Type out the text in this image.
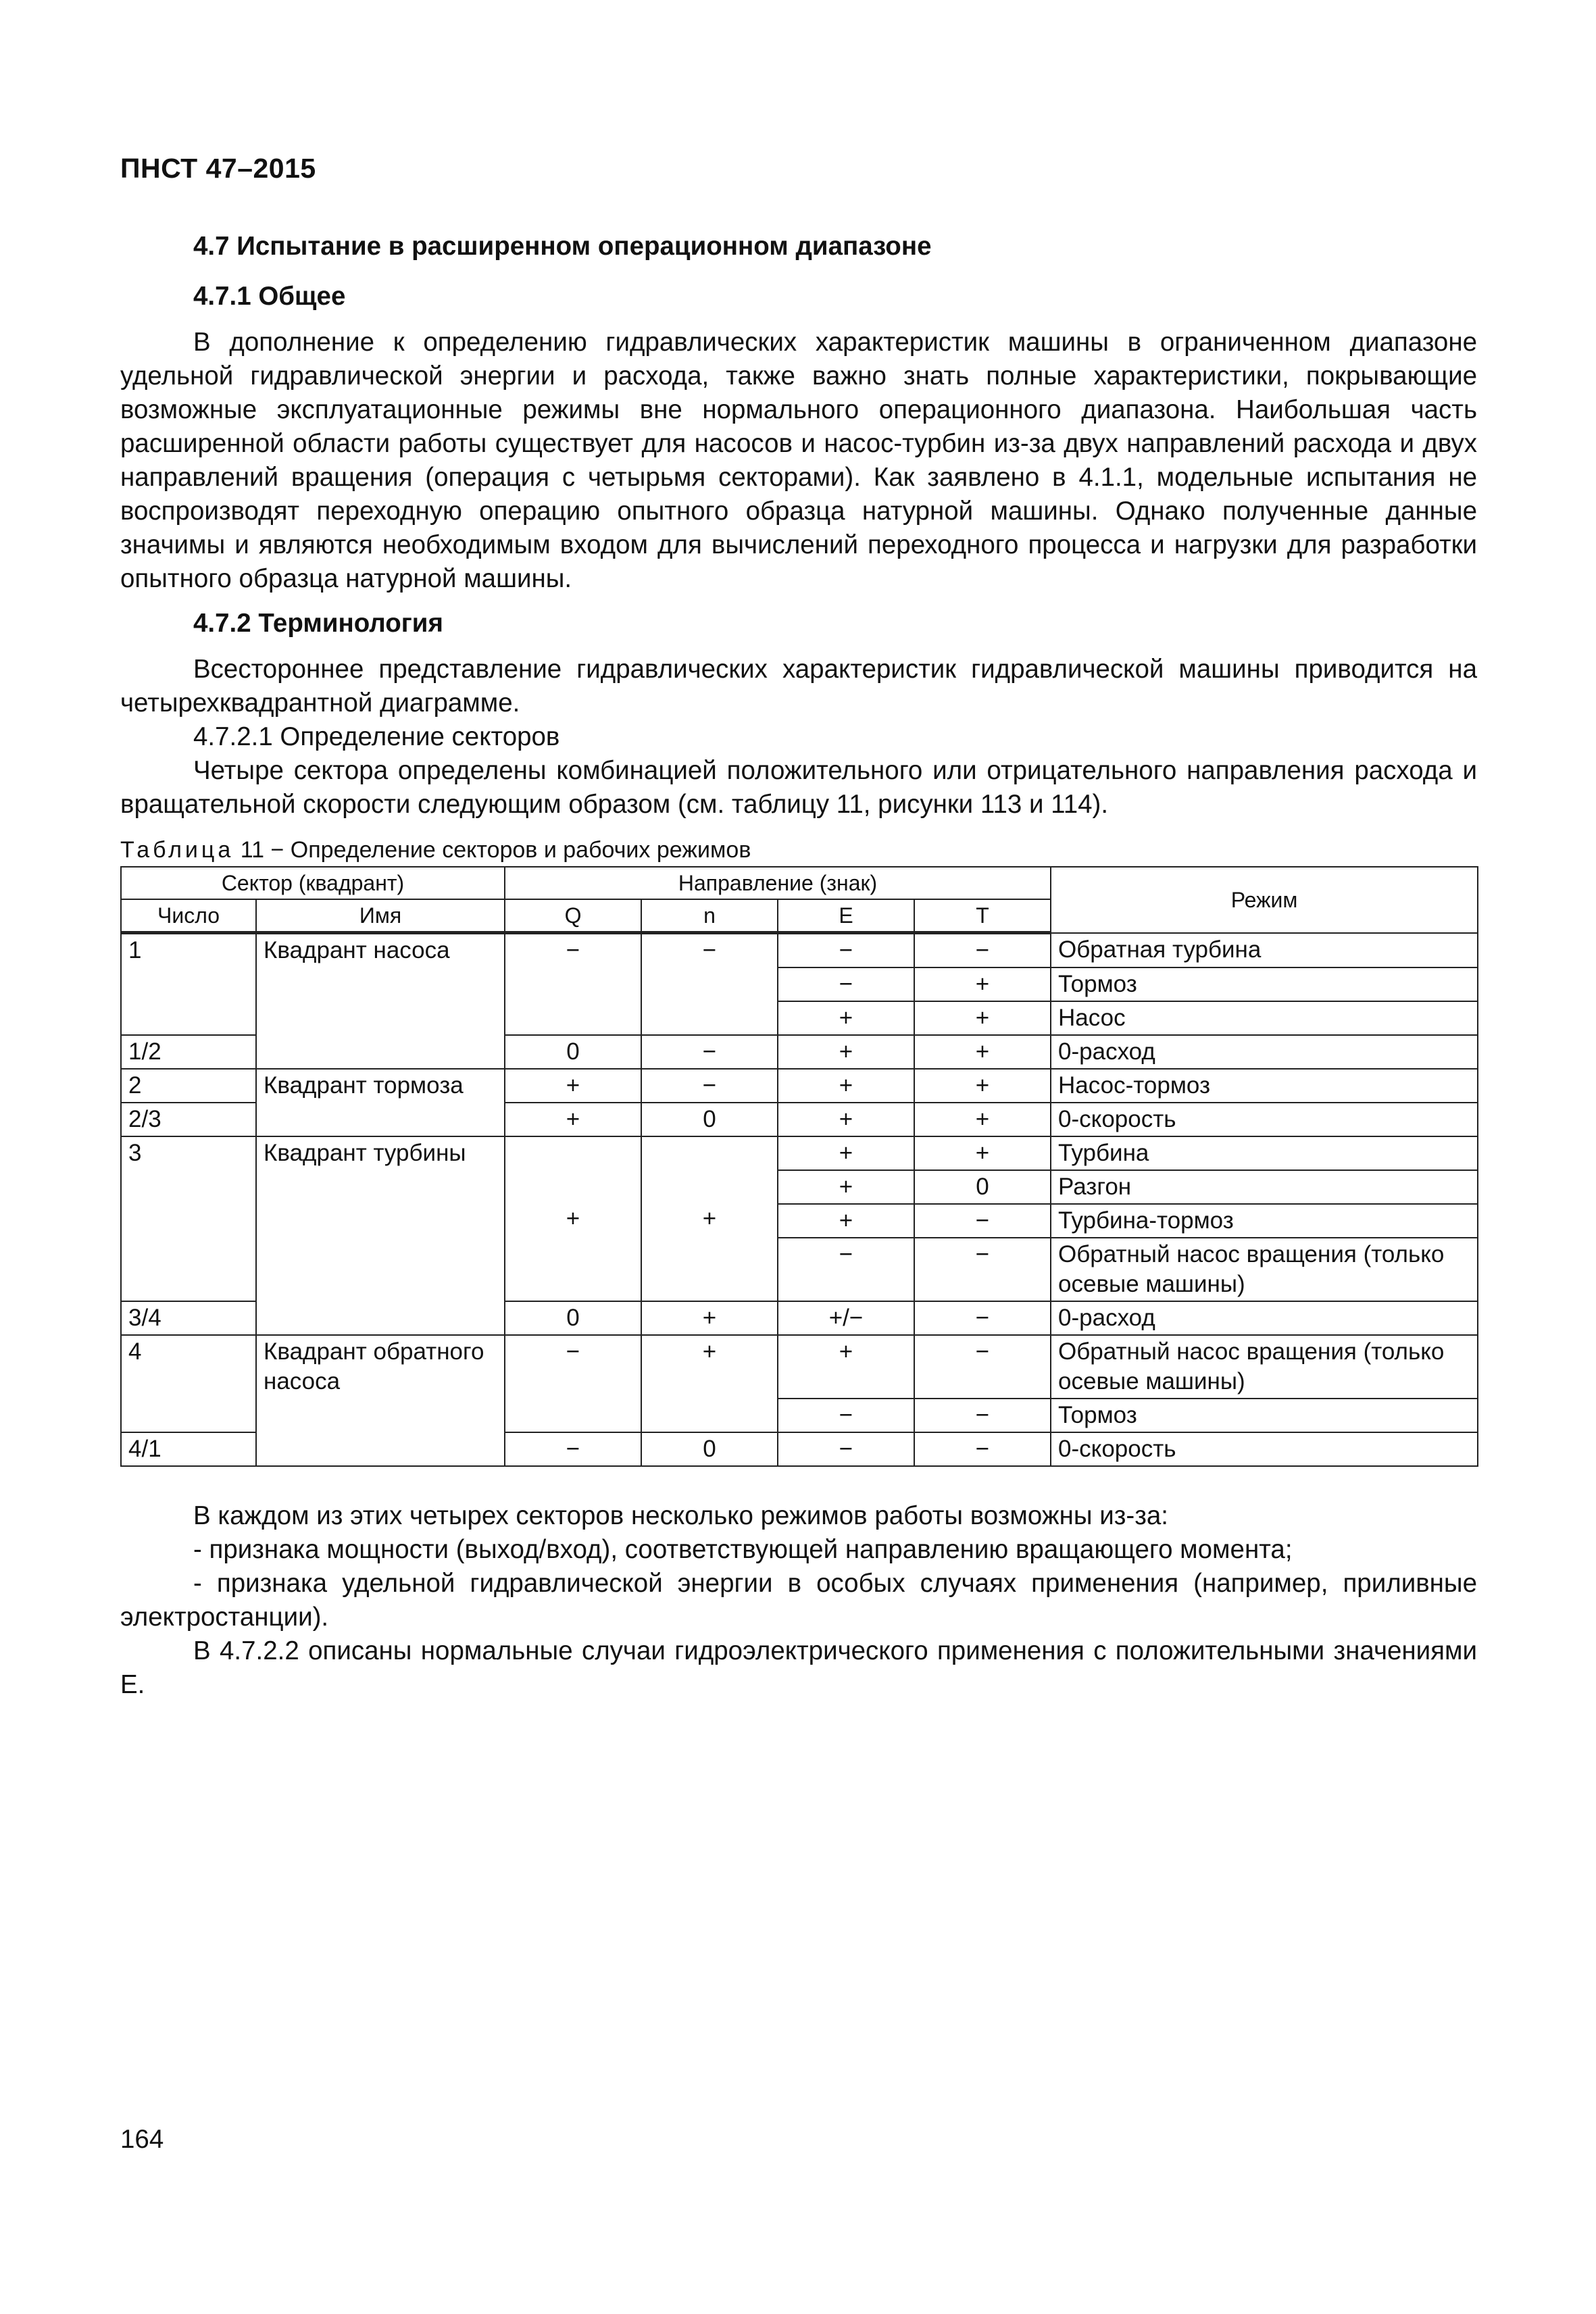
ПНСТ 47–2015
4.7 Испытание в расширенном операционном диапазоне
4.7.1 Общее

В дополнение к определению гидравлических характеристик машины в ограниченном диапазоне удельной гидравлической энергии и расхода, также важно знать полные характеристики, покрывающие возможные эксплуатационные режимы вне нормального операционного диапазона. Наибольшая часть расширенной области работы существует для насосов и насос-турбин из-за двух направлений расхода и двух направлений вращения (операция с четырьмя секторами). Как заявлено в 4.1.1, модельные испытания не воспроизводят переходную операцию опытного образца натурной машины. Однако полученные данные значимы и являются необходимым входом для вычислений переходного процесса и нагрузки для разработки опытного образца натурной машины.

4.7.2 Терминология

Всестороннее представление гидравлических характеристик гидравлической машины приводится на четырехквадрантной диаграмме.

4.7.2.1 Определение секторов

Четыре сектора определены комбинацией положительного или отрицательного направления расхода и вращательной скорости следующим образом (см. таблицу 11, рисунки 113 и 114).

Таблица 11 − Определение секторов и рабочих режимов
Сектор (квадрант)		Направление (знак)				Режим
Число	Имя	Q	n	E	T	
1	Квадрант насоса	−	−	−	−	Обратная турбина
				−	+	Тормоз
				+	+	Насос
1/2		0	−	+	+	0-расход
2	Квадрант тормоза	+	−	+	+	Насос-тормоз
2/3		+	0	+	+	0-скорость
3	Квадрант турбины	+	+	+	+	Турбина
				+	0	Разгон
				+	−	Турбина-тормоз
				−	−	Обратный насос вращения (только осевые машины)
3/4		0	+	+/−	−	0-расход
4	Квадрант обратного насоса	−	+	+	−	Обратный насос вращения (только осевые машины)
				−	−	Тормоз
4/1		−	0	−	−	0-скорость

В каждом из этих четырех секторов несколько режимов работы возможны из-за:

- признака мощности (выход/вход), соответствующей направлению вращающего момента;

- признака удельной гидравлической энергии в особых случаях применения (например, приливные электростанции).

В 4.7.2.2 описаны нормальные случаи гидроэлектрического применения с положительными значениями E.

164
